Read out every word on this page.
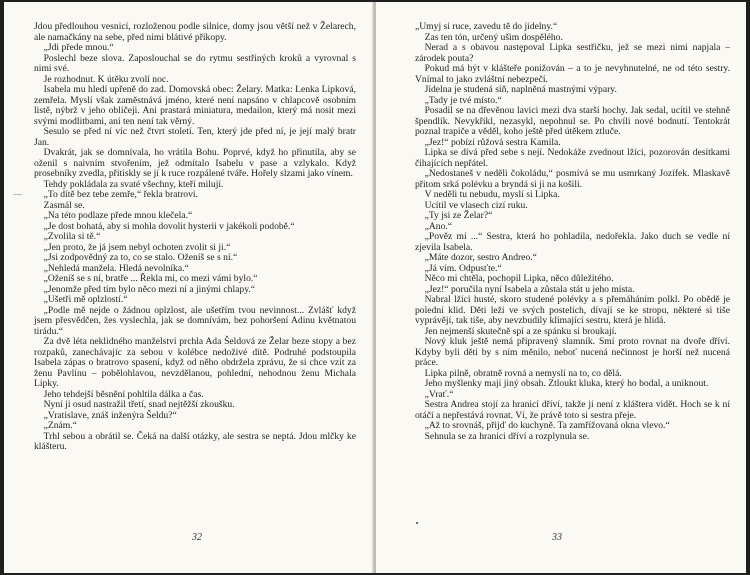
Jdou předlouhou vesnicí, rozloženou podle silnice, domy jsou větší než v Želarech, ale namačkány na sebe, před nimi blátivé příkopy.

„Jdi přede mnou.“

Poslechl beze slova. Zaposlouchal se do rytmu sestřiných kroků a vyrovnal s nimi své.

Je rozhodnut. K útěku zvolí noc.

Isabela mu hledí upřeně do zad. Domovská obec: Želary. Matka: Lenka Lipková, zemřela. Myslí však zaměstnává jméno, které není napsáno v chlapcově osobním listě, nýbrž v jeho obličeji. Ani prastará miniatura, medailon, který má nosit mezi svými modlitbami, ani ten není tak věrný.

Sesulo se před ní víc než čtvrt století. Ten, který jde před ní, je její malý bratr Jan.

Dvakrát, jak se domnívala, ho vrátila Bohu. Poprvé, když ho přinutila, aby se oženil s naivním stvořením, jež odmítalo Isabelu v pase a vzlykalo. Když prosebníky zvedla, přitiskly se jí k ruce rozpálené tváře. Hořely slzami jako vínem.

Tehdy pokládala za svaté všechny, kteří milují.

„To dítě bez tebe zemře,“ řekla bratrovi.

Zasmál se.

„Na této podlaze přede mnou klečela.“

„Je dost bohatá, aby si mohla dovolit hysterii v jakékoli podobě.“

„Zvolila si tě.“

„Jen proto, že já jsem nebyl ochoten zvolit si ji.“

„Jsi zodpovědný za to, co se stalo. Oženíš se s ní.“

„Nehledá manžela. Hledá nevolníka.“

„Oženíš se s ní, bratře ... Řekla mi, co mezi vámi bylo.“

„Jenomže před tím bylo něco mezi ní a jinými chlapy.“

„Ušetři mě oplzlostí.“

„Podle mě nejde o žádnou oplzlost, ale ušetřím tvou nevinnost... Zvlášť když jsem přesvědčen, žes vyslechla, jak se domnívám, bez pohoršení Adinu květnatou tirádu.“

Za dvě léta neklidného manželství prchla Ada Šeldová ze Želar beze stopy a bez rozpaků, zanechávajíc za sebou v kolébce nedoživé dítě. Podruhé podstoupila Isabela zápas o bratrovo spasení, když od něho obdržela zprávu, že si chce vzít za ženu Pavlínu – pobělohlavou, nevzdělanou, pohlední, nehodnou ženu Michala Lipky.

Jeho tehdejší běsnění pohltila dálka a čas.

Nyní ji osud nastražil třetí, snad nejtěžší zkoušku.

„Vratislave, znáš inženýra Šeldu?“

„Znám.“

Trhl sebou a obrátil se. Čeká na další otázky, ale sestra se neptá. Jdou mlčky ke klášteru.

32

„Umyj si ruce, zavedu tě do jídelny.“

Zas ten tón, určený ušim dospělého.

Nerad a s obavou następoval Lipka sestřičku, jež se mezi nimi napjala – zárodek pouta?

Pokud má být v klášteře ponižován – a to je nevyhnutelné, ne od této sestry. Vnímal to jako zvláštní nebezpečí.

Jídelna je studená síň, naplněná mastnými výpary.

„Tady je tvé místo.“

Posadil se na dřevěnou lavici mezi dva starší hochy. Jak sedal, ucítil ve stehně špendlík. Nevykřikl, nezasykl, nepohnul se. Po chvíli nové bodnutí. Tentokrát poznal trapiče a věděl, koho ještě před útěkem ztluče.

„Jez!“ pobízí růžová sestra Kamila.

Lipka se dívá před sebe s nejí. Nedokáže zvednout lžíci, pozorován desítkami čihajících nepřátel.

„Nedostaneš v neděli čokoládu,“ posmívá se mu usmrkaný Jozífek. Mlaskavě přitom srká polévku a bryndá si ji na košili.

V neděli tu nebudu, myslí si Lipka.

Ucítil ve vlasech cizí ruku.

„Ty jsi ze Želar?“

„Ano.“

„Pověz mi ...“ Sestra, která ho pohladila, nedořekla. Jako duch se vedle ní zjevila Isabela.

„Máte dozor, sestro Andreo.“

„Já vím. Odpusťte.“

Něco mi chtěla, pochopil Lipka, něco důležitého.

„Jez!“ poručila nyní Isabela a zůstala stát u jeho místa.

Nabral lžíci husté, skoro studené polévky a s přemáháním polkl. Po obědě je polední klid. Děti leží ve svých postelích, dívají se ke stropu, některé si tiše vyprávějí, tak tiše, aby nevzbudily klimající sestru, která je hlídá.

Jen nejmenší skutečně spí a ze spánku si broukají.

Nový kluk ještě nemá připravený slamník. Smí proto rovnat na dvoře dříví. Kdyby byli děti by s ním měnilo, neboť nucená nečinnost je horší než nucená práce.

Lipka pilně, obratně rovná a nemyslí na to, co dělá.

Jeho myšlenky mají jiný obsah. Ztloukt kluka, který ho bodal, a uniknout.

„Vrať.“

Sestra Andrea stojí za hranicí dříví, takže jí není z kláštera vidět. Hoch se k ní otáčí a nepřestává rovnat. Ví, že právě toto si sestra přeje.

„Až to srovnáš, přijď do kuchyně. Ta zamřížovaná okna vlevo.“

Sehnula se za hranici dříví a rozplynula se.

33
